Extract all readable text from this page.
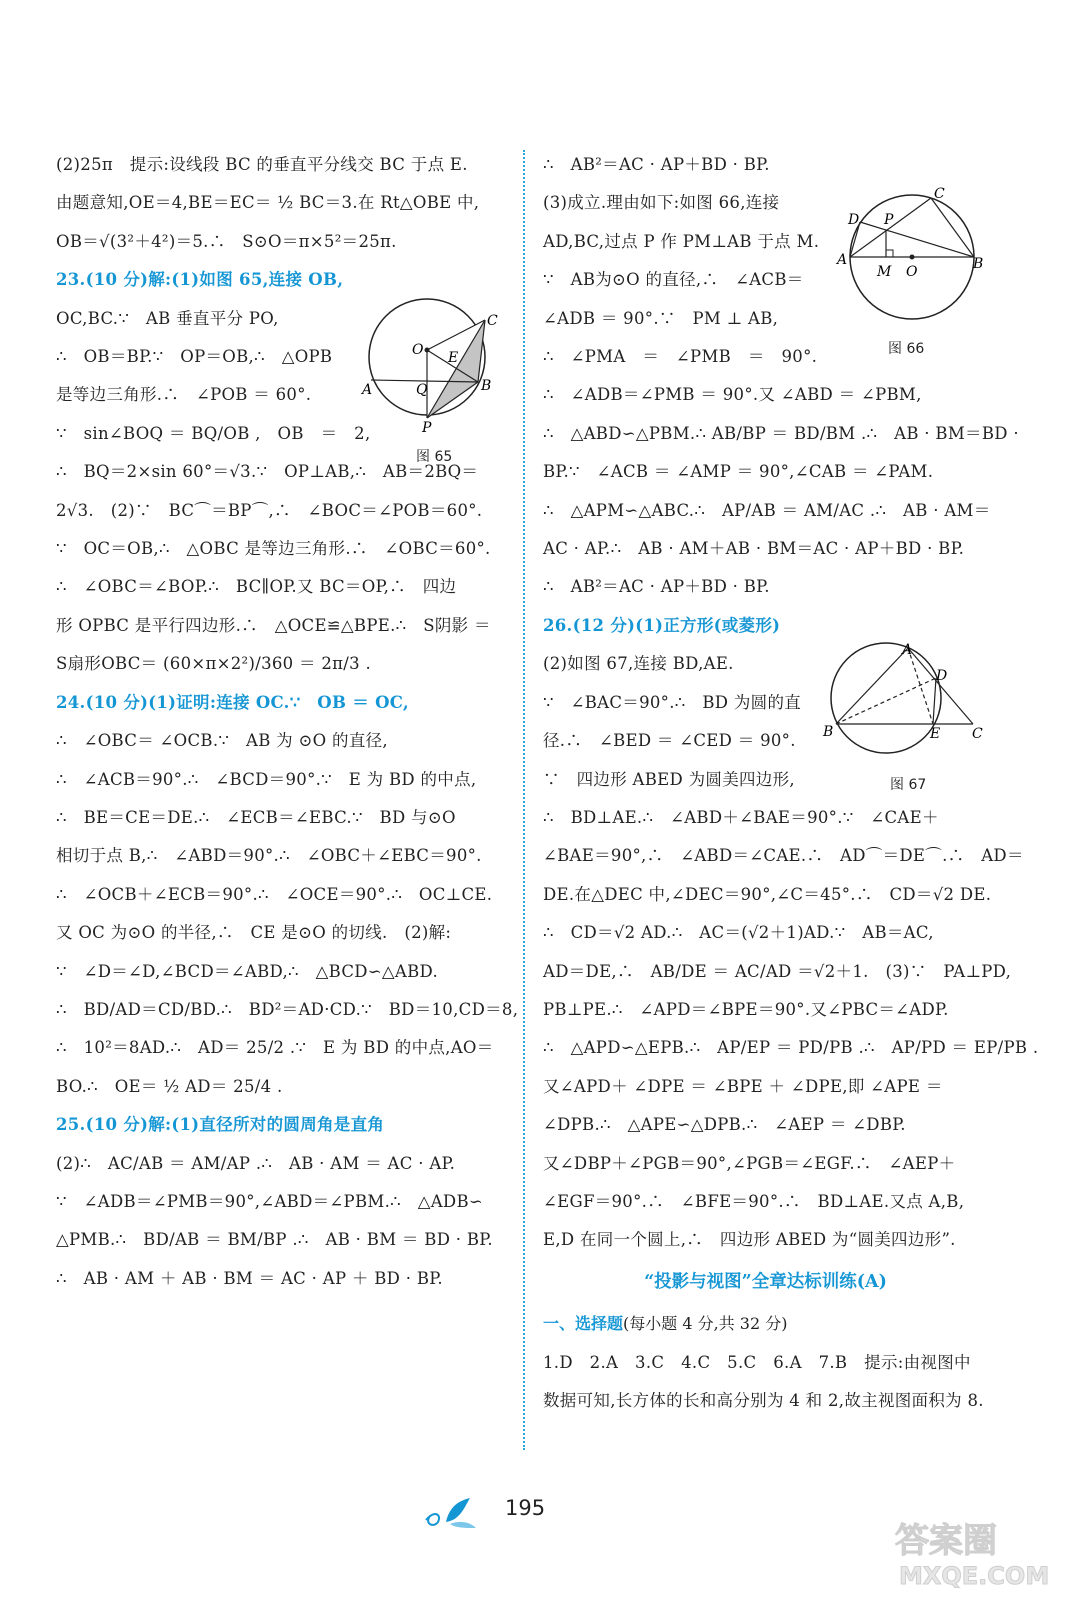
(2)25π　提示:设线段 BC 的垂直平分线交 BC 于点 E.
由题意知,OE＝4,BE＝EC＝ ½ BC＝3.在 Rt△OBE 中,
OB＝√(3²＋4²)＝5.∴　S⊙O＝π×5²＝25π.
23.(10 分)解:(1)如图 65,连接 OB,
OC,BC.∵　AB 垂直平分 PO,
∴　OB＝BP.∵　OP＝OB,∴　△OPB
是等边三角形.∴　∠POB ＝ 60°.
∵　sin∠BOQ ＝ BQ/OB ,　OB　＝　2,
∴　BQ＝2×sin 60°＝√3.∵　OP⊥AB,∴　AB＝2BQ＝
2√3.　(2)∵　BC⌒＝BP⌒,∴　∠BOC＝∠POB＝60°.
∵　OC＝OB,∴　△OBC 是等边三角形.∴　∠OBC＝60°.
∴　∠OBC＝∠BOP.∴　BC∥OP.又 BC＝OP,∴　四边
形 OPBC 是平行四边形.∴　△OCE≌△BPE.∴　S阴影 ＝
S扇形OBC＝ (60×π×2²)/360 ＝ 2π/3 .
24.(10 分)(1)证明:连接 OC.∵　OB ＝ OC,
∴　∠OBC＝ ∠OCB.∵　AB 为 ⊙O 的直径,
∴　∠ACB＝90°.∴　∠BCD＝90°.∵　E 为 BD 的中点,
∴　BE＝CE＝DE.∴　∠ECB＝∠EBC.∵　BD 与⊙O
相切于点 B,∴　∠ABD＝90°.∴　∠OBC＋∠EBC＝90°.
∴　∠OCB＋∠ECB＝90°.∴　∠OCE＝90°.∴　OC⊥CE.
又 OC 为⊙O 的半径,∴　CE 是⊙O 的切线.　(2)解:
∵　∠D＝∠D,∠BCD＝∠ABD,∴　△BCD∽△ABD.
∴　BD/AD＝CD/BD.∴　BD²＝AD·CD.∵　BD＝10,CD＝8,
∴　10²＝8AD.∴　AD＝ 25/2 .∵　E 为 BD 的中点,AO＝
BO.∴　OE＝ ½ AD＝ 25/4 .
25.(10 分)解:(1)直径所对的圆周角是直角
(2)∴　AC/AB ＝ AM/AP .∴　AB · AM ＝ AC · AP.
∵　∠ADB＝∠PMB＝90°,∠ABD＝∠PBM.∴　△ADB∽
△PMB.∴　BD/AB ＝ BM/BP .∴　AB · BM ＝ BD · BP.
∴　AB · AM ＋ AB · BM ＝ AC · AP ＋ BD · BP.
O
C
E
Q
A	B
P
图 65
∴　AB²＝AC · AP＋BD · BP.
(3)成立.理由如下:如图 66,连接
AD,BC,过点 P 作 PM⊥AB 于点 M.
∵　AB为⊙O 的直径,∴　∠ACB＝
∠ADB ＝ 90°.∵　PM ⊥ AB,
∴　∠PMA　＝　∠PMB　＝　90°.
∴　∠ADB＝∠PMB ＝ 90°.又 ∠ABD ＝ ∠PBM,
∴　△ABD∽△PBM.∴ AB/BP ＝ BD/BM .∴　AB · BM＝BD ·
BP.∵　∠ACB ＝ ∠AMP ＝ 90°,∠CAB ＝ ∠PAM.
∴　△APM∽△ABC.∴　AP/AB ＝ AM/AC .∴　AB · AM＝
AC · AP.∴　AB · AM＋AB · BM＝AC · AP＋BD · BP.
∴　AB²＝AC · AP＋BD · BP.
26.(12 分)(1)正方形(或菱形)
(2)如图 67,连接 BD,AE.
∵　∠BAC＝90°.∴　BD 为圆的直
径.∴　∠BED ＝ ∠CED ＝ 90°.
∵　四边形 ABED 为圆美四边形,
∴　BD⊥AE.∴　∠ABD＋∠BAE＝90°.∵　∠CAE＋
∠BAE＝90°,∴　∠ABD＝∠CAE.∴　AD⌒＝DE⌒.∴　AD＝
DE.在△DEC 中,∠DEC＝90°,∠C＝45°.∴　CD＝√2 DE.
∴　CD＝√2 AD.∴　AC＝(√2＋1)AD.∵　AB＝AC,
AD＝DE,∴　AB/DE ＝ AC/AD ＝√2＋1.　(3)∵　PA⊥PD,
PB⊥PE.∴　∠APD＝∠BPE＝90°.又∠PBC＝∠ADP.
∴　△APD∽△EPB.∴　AP/EP ＝ PD/PB .∴　AP/PD ＝ EP/PB .
又∠APD＋ ∠DPE ＝ ∠BPE ＋ ∠DPE,即 ∠APE ＝
∠DPB.∴　△APE∽△DPB.∴　∠AEP ＝ ∠DBP.
又∠DBP＋∠PGB＝90°,∠PGB＝∠EGF.∴　∠AEP＋
∠EGF＝90°.∴　∠BFE＝90°.∴　BD⊥AE.又点 A,B,
E,D 在同一个圆上,∴　四边形 ABED 为“圆美四边形”.
“投影与视图”全章达标训练(A)
一、选择题(每小题 4 分,共 32 分)
1.D　2.A　3.C　4.C　5.C　6.A　7.B　提示:由视图中
数据可知,长方体的长和高分别为 4 和 2,故主视图面积为 8.
C
D P
A
M O	B
图 66
A
D
B	E C
图 67
195
答案圈
MXQE.COM
